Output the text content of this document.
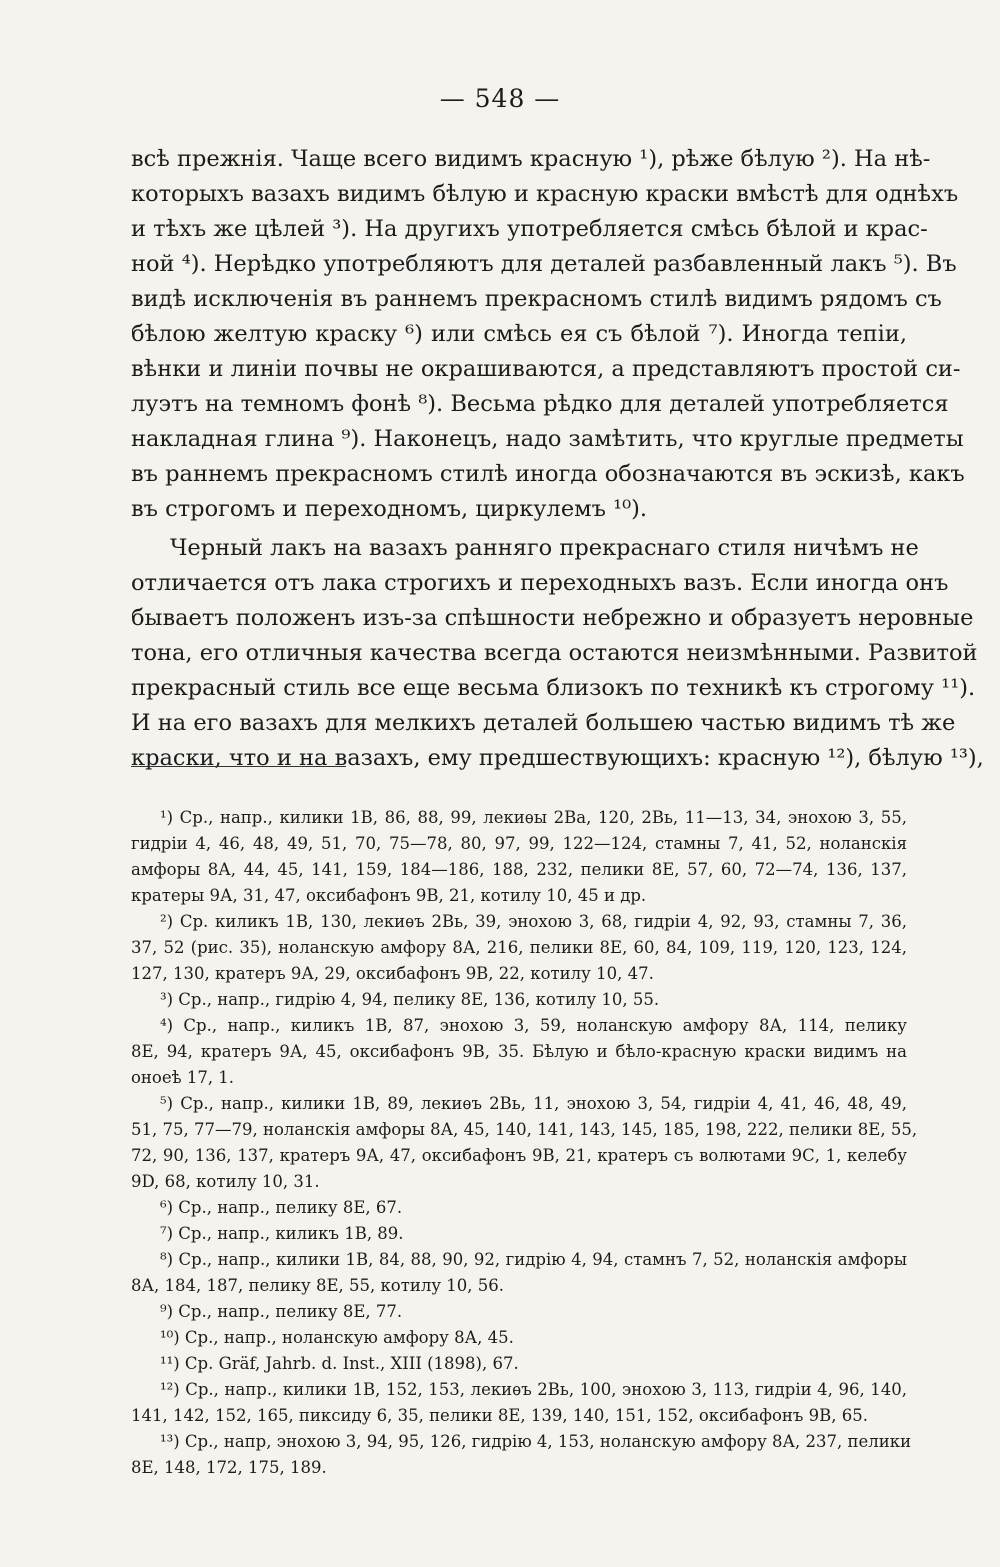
— 548 —
всѣ прежнія. Чаще всего видимъ красную ¹), рѣже бѣлую ²). На нѣ-
которыхъ вазахъ видимъ бѣлую и красную краски вмѣстѣ для однѣхъ
и тѣхъ же цѣлей ³). На другихъ употребляется смѣсь бѣлой и крас-
ной ⁴). Нерѣдко употребляютъ для деталей разбавленный лакъ ⁵). Въ
видѣ исключенія въ раннемъ прекрасномъ стилѣ видимъ рядомъ съ
бѣлою желтую краску ⁶) или смѣсь ея съ бѣлой ⁷). Иногда тепіи,
вѣнки и линіи почвы не окрашиваются, а представляютъ простой си-
луэтъ на темномъ фонѣ ⁸). Весьма рѣдко для деталей употребляется
накладная глина ⁹). Наконецъ, надо замѣтить, что круглые предметы
въ раннемъ прекрасномъ стилѣ иногда обозначаются въ эскизѣ, какъ
въ строгомъ и переходномъ, циркулемъ ¹⁰).
Черный лакъ на вазахъ ранняго прекраснаго стиля ничѣмъ не
отличается отъ лака строгихъ и переходныхъ вазъ. Если иногда онъ
бываетъ положенъ изъ-за спѣшности небрежно и образуетъ неровные
тона, его отличныя качества всегда остаются неизмѣнными. Развитой
прекрасный стиль все еще весьма близокъ по техникѣ къ строгому ¹¹).
И на его вазахъ для мелкихъ деталей большею частью видимъ тѣ же
краски, что и на вазахъ, ему предшествующихъ: красную ¹²), бѣлую ¹³),
¹) Ср., напр., килики 1В, 86, 88, 99, лекиѳы 2Ва, 120, 2Вь, 11—13, 34, энохою 3, 55,
гидріи 4, 46, 48, 49, 51, 70, 75—78, 80, 97, 99, 122—124, стамны 7, 41, 52, ноланскія
амфоры 8А, 44, 45, 141, 159, 184—186, 188, 232, пелики 8Е, 57, 60, 72—74, 136, 137,
кратеры 9А, 31, 47, оксибафонъ 9В, 21, котилу 10, 45 и др.
²) Ср. киликъ 1В, 130, лекиѳъ 2Вь, 39, энохою 3, 68, гидріи 4, 92, 93, стамны 7, 36,
37, 52 (рис. 35), ноланскую амфору 8А, 216, пелики 8Е, 60, 84, 109, 119, 120, 123, 124,
127, 130, кратеръ 9А, 29, оксибафонъ 9В, 22, котилу 10, 47.
³) Ср., напр., гидрію 4, 94, пелику 8Е, 136, котилу 10, 55.
⁴) Ср., напр., киликъ 1В, 87, энохою 3, 59, ноланскую амфору 8А, 114, пелику
8Е, 94, кратеръ 9А, 45, оксибафонъ 9В, 35. Бѣлую и бѣло-красную краски видимъ на
оноеѣ 17, 1.
⁵) Ср., напр., килики 1В, 89, лекиѳъ 2Вь, 11, энохою 3, 54, гидріи 4, 41, 46, 48, 49,
51, 75, 77—79, ноланскія амфоры 8А, 45, 140, 141, 143, 145, 185, 198, 222, пелики 8Е, 55,
72, 90, 136, 137, кратеръ 9А, 47, оксибафонъ 9В, 21, кратеръ съ волютами 9С, 1, келебу
9D, 68, котилу 10, 31.
⁶) Ср., напр., пелику 8Е, 67.
⁷) Ср., напр., киликъ 1В, 89.
⁸) Ср., напр., килики 1В, 84, 88, 90, 92, гидрію 4, 94, стамнъ 7, 52, ноланскія амфоры
8А, 184, 187, пелику 8Е, 55, котилу 10, 56.
⁹) Ср., напр., пелику 8Е, 77.
¹⁰) Ср., напр., ноланскую амфору 8А, 45.
¹¹) Ср. Gräf, Jahrb. d. Inst., XIII (1898), 67.
¹²) Ср., напр., килики 1В, 152, 153, лекиѳъ 2Вь, 100, энохою 3, 113, гидріи 4, 96, 140,
141, 142, 152, 165, пиксиду 6, 35, пелики 8Е, 139, 140, 151, 152, оксибафонъ 9В, 65.
¹³) Ср., напр, энохою 3, 94, 95, 126, гидрію 4, 153, ноланскую амфору 8А, 237, пелики
8Е, 148, 172, 175, 189.
